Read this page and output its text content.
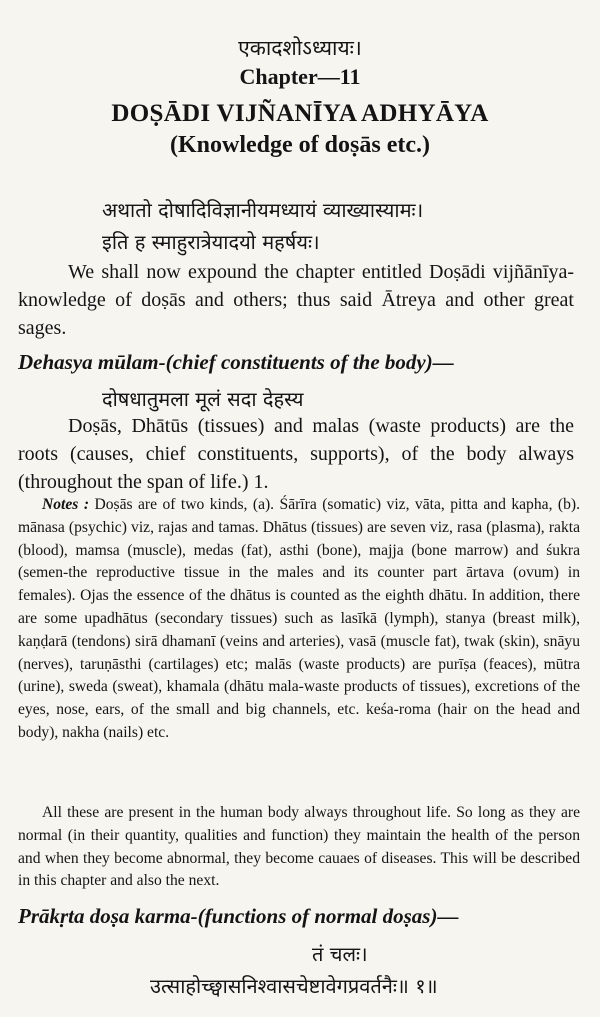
एकादशोऽध्यायः।
Chapter—11
DOṢĀDI VIJÑANĪYA ADHYĀYA
(Knowledge of doṣās etc.)
अथातो दोषादिविज्ञानीयमध्यायं व्याख्यास्यामः।
इति ह स्माहुरात्रेयादयो महर्षयः।
We shall now expound the chapter entitled Doṣādi vijñānīya-knowledge of doṣās and others; thus said Ātreya and other great sages.
Dehasya mūlam-(chief constituents of the body)—
दोषधातुमला मूलं सदा देहस्य
Doṣās, Dhātūs (tissues) and malas (waste products) are the roots (causes, chief constituents, supports), of the body always (throughout the span of life.) 1.
Notes : Doṣās are of two kinds, (a). Śārīra (somatic) viz, vāta, pitta and kapha, (b). mānasa (psychic) viz, rajas and tamas. Dhātus (tissues) are seven viz, rasa (plasma), rakta (blood), mamsa (muscle), medas (fat), asthi (bone), majja (bone marrow) and śukra (semen-the reproductive tissue in the males and its counter part ārtava (ovum) in females). Ojas the essence of the dhātus is counted as the eighth dhātu. In addition, there are some upadhātus (secondary tissues) such as lasīkā (lymph), stanya (breast milk), kaṇḍarā (tendons) sirā dhamanī (veins and arteries), vasā (muscle fat), twak (skin), snāyu (nerves), taruṇāsthi (cartilages) etc; malās (waste products) are purīṣa (feaces), mūtra (urine), sweda (sweat), khamala (dhātu mala-waste products of tissues), excretions of the eyes, nose, ears, of the small and big channels, etc. keśa-roma (hair on the head and body), nakha (nails) etc.
All these are present in the human body always throughout life. So long as they are normal (in their quantity, qualities and function) they maintain the health of the person and when they become abnormal, they become cauaes of diseases. This will be described in this chapter and also the next.
Prākṛta doṣa karma-(functions of normal doṣas)—
तं चलः।
उत्साहोच्छ्वासनिश्वासचेष्टावेगप्रवर्तनैः॥ १॥
